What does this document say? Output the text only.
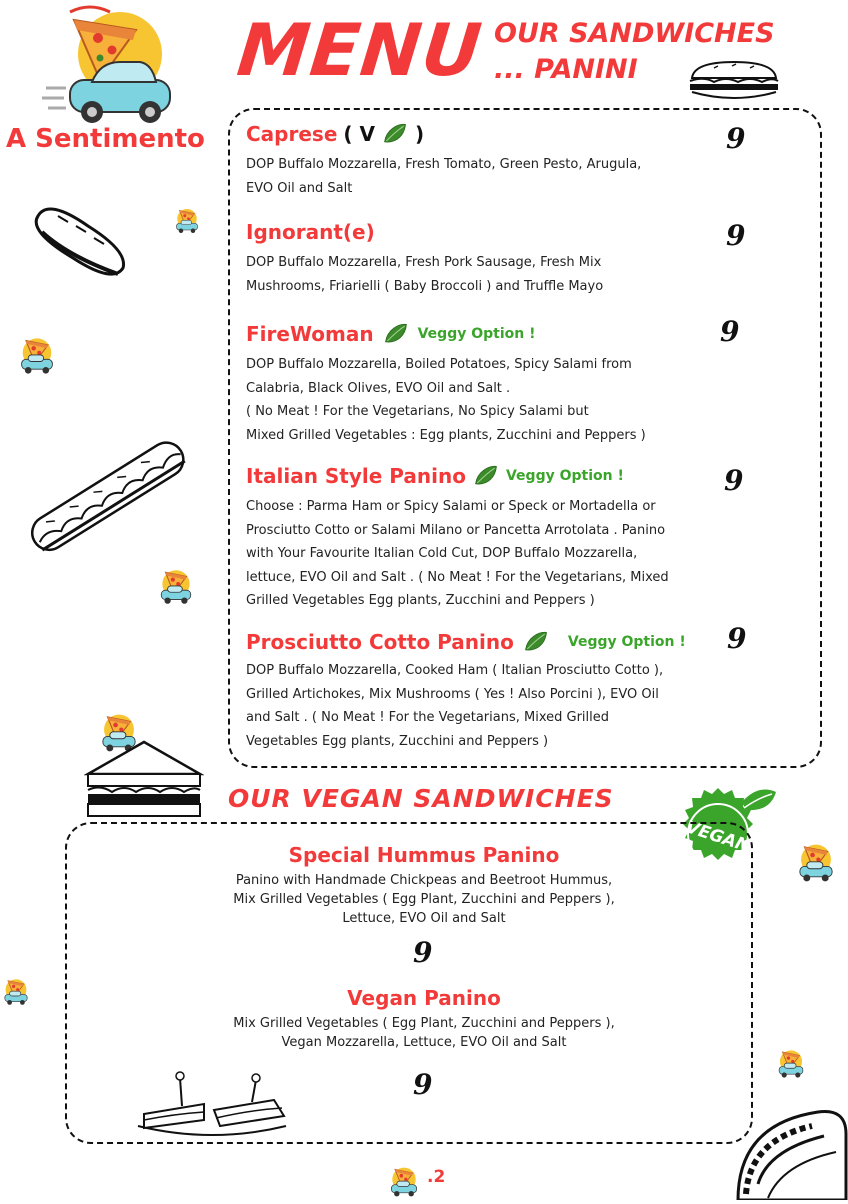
MENU OUR SANDWICHES
... PANINI
A Sentimento Caprese ( V )
DOP Buffalo Mozzarella, Fresh Tomato, Green Pesto, Arugula,
EVO Oil and Salt
9
Ignorant(e)
DOP Buffalo Mozzarella, Fresh Pork Sausage, Fresh Mix
Mushrooms, Friarielli ( Baby Broccoli ) and Truffle Mayo
9
FireWoman	Veggy Option !
DOP Buffalo Mozzarella, Boiled Potatoes, Spicy Salami from
Calabria, Black Olives, EVO Oil and Salt .
( No Meat ! For the Vegetarians, No Spicy Salami but
Mixed Grilled Vegetables : Egg plants, Zucchini and Peppers )
9
Italian Style Panino	Veggy Option !
Choose : Parma Ham or Spicy Salami or Speck or Mortadella or
Prosciutto Cotto or Salami Milano or Pancetta Arrotolata . Panino
with Your Favourite Italian Cold Cut, DOP Buffalo Mozzarella,
lettuce, EVO Oil and Salt . ( No Meat ! For the Vegetarians, Mixed
Grilled Vegetables Egg plants, Zucchini and Peppers )
9
Prosciutto Cotto Panino	Veggy Option !
DOP Buffalo Mozzarella, Cooked Ham ( Italian Prosciutto Cotto ),
Grilled Artichokes, Mix Mushrooms ( Yes ! Also Porcini ), EVO Oil
and Salt . ( No Meat ! For the Vegetarians, Mixed Grilled
Vegetables Egg plants, Zucchini and Peppers )
9
OUR VEGAN SANDWICHES
VEGAN
Special Hummus Panino
Panino with Handmade Chickpeas and Beetroot Hummus,
Mix Grilled Vegetables ( Egg Plant, Zucchini and Peppers ),
Lettuce, EVO Oil and Salt
9
Vegan Panino
Mix Grilled Vegetables ( Egg Plant, Zucchini and Peppers ),
Vegan Mozzarella, Lettuce, EVO Oil and Salt
9
.2
